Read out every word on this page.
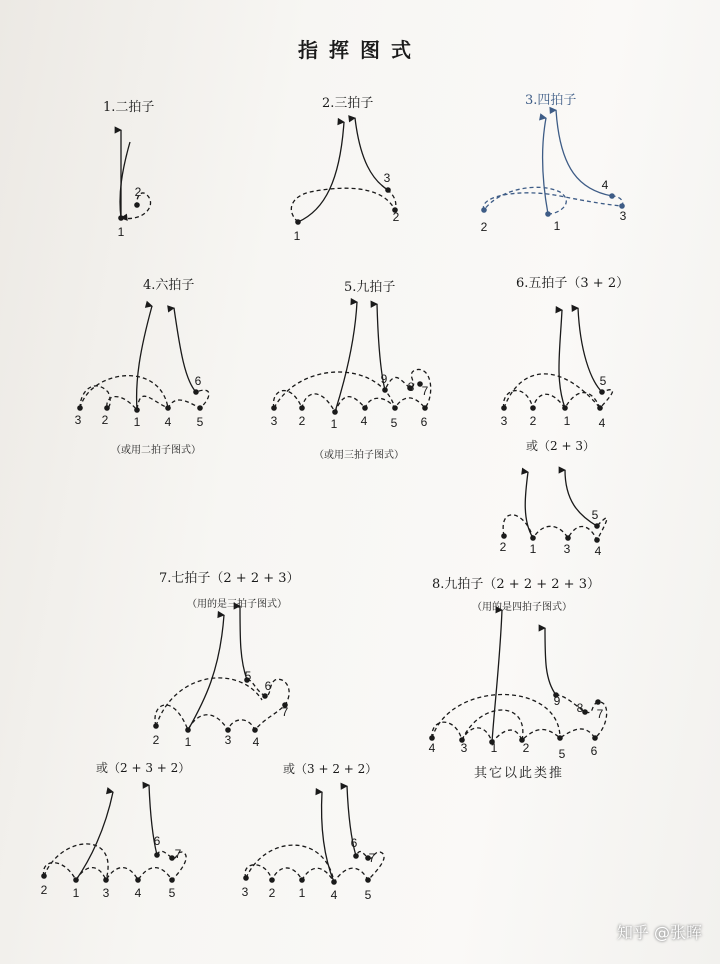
指挥图式
1.二拍子	2.三拍子	3.四拍子
4.六拍子	5.九拍子	6.五拍子（3 + 2）
（或用二拍子图式）	（或用三拍子图式）
或（2 + 3）
7.七拍子（2 + 2 + 3）
（用的是三拍子图式）
8.九拍子（2 + 2 + 2 + 3）
（用的是四拍子图式）
或（2 + 3 + 2）	或（3 + 2 + 2）	其它以此类推
知乎 @张晖
1
2
1
2
3
1
2
3
4
3 2 1 4 5
6
3 2 1 4 5 6
9
8 7
3 2 1 4
5
2 1 3 4
5
2 1	3 4
7
6
5
4 3 1 2 5 6
9 8 7
2 1 3 4 5
7
6
3 2 1 4 5
7
6
